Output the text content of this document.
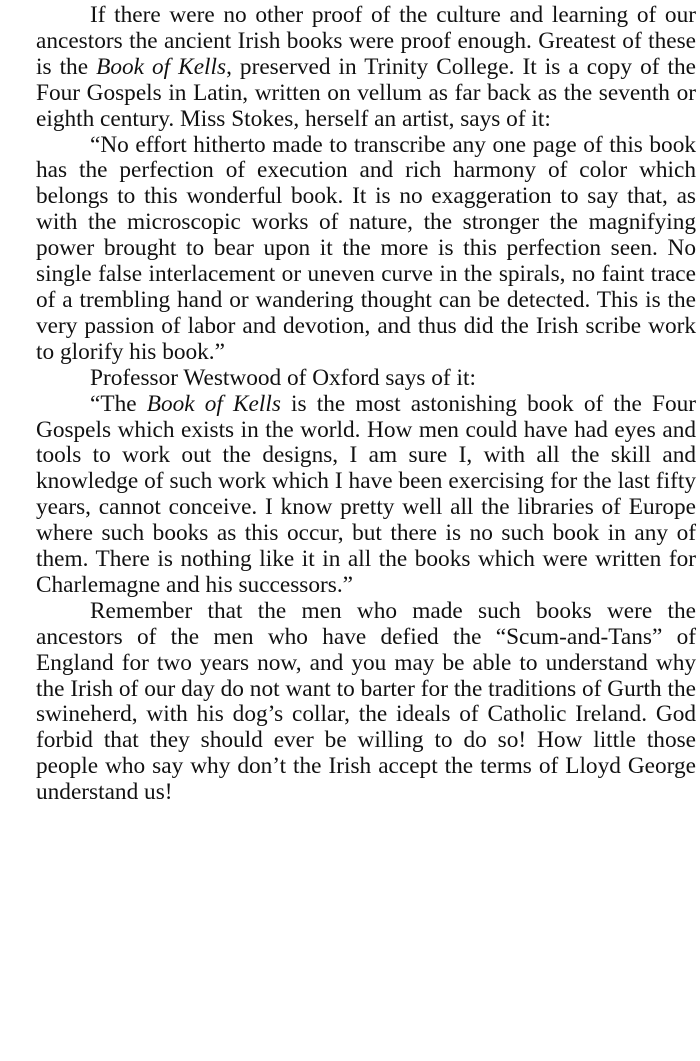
If there were no other proof of the culture and learning of our ancestors the ancient Irish books were proof enough. Greatest of these is the Book of Kells, preserved in Trinity College. It is a copy of the Four Gospels in Latin, written on vellum as far back as the seventh or eighth century. Miss Stokes, herself an artist, says of it:

“No effort hitherto made to transcribe any one page of this book has the perfection of execution and rich harmony of color which belongs to this wonderful book. It is no exaggeration to say that, as with the microscopic works of nature, the stronger the magnifying power brought to bear upon it the more is this perfection seen. No single false interlacement or uneven curve in the spirals, no faint trace of a trembling hand or wandering thought can be detected. This is the very passion of labor and devotion, and thus did the Irish scribe work to glorify his book.”

Professor Westwood of Oxford says of it:

“The Book of Kells is the most astonishing book of the Four Gospels which exists in the world. How men could have had eyes and tools to work out the designs, I am sure I, with all the skill and knowledge of such work which I have been exercising for the last fifty years, cannot conceive. I know pretty well all the libraries of Europe where such books as this occur, but there is no such book in any of them. There is nothing like it in all the books which were written for Charlemagne and his successors.”

Remember that the men who made such books were the ancestors of the men who have defied the “Scum-and-Tans” of England for two years now, and you may be able to understand why the Irish of our day do not want to barter for the traditions of Gurth the swineherd, with his dog’s collar, the ideals of Catholic Ireland. God forbid that they should ever be willing to do so! How little those people who say why don’t the Irish accept the terms of Lloyd George understand us!
